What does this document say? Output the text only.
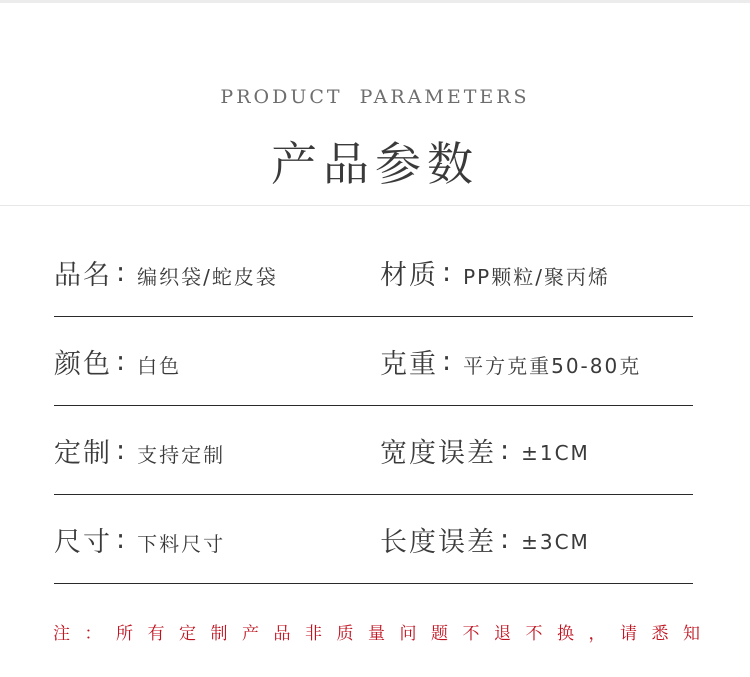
PRODUCT PARAMETERS
产品参数
品名 : 编织袋/蛇皮袋	材质 : PP颗粒/聚丙烯
颜色 : 白色	克重 : 平方克重50-80克
定制 : 支持定制	宽度误差 : ±1CM
尺寸 : 下料尺寸	长度误差 : ±3CM
注：所有定制产品非质量问题不退不换，请悉知
